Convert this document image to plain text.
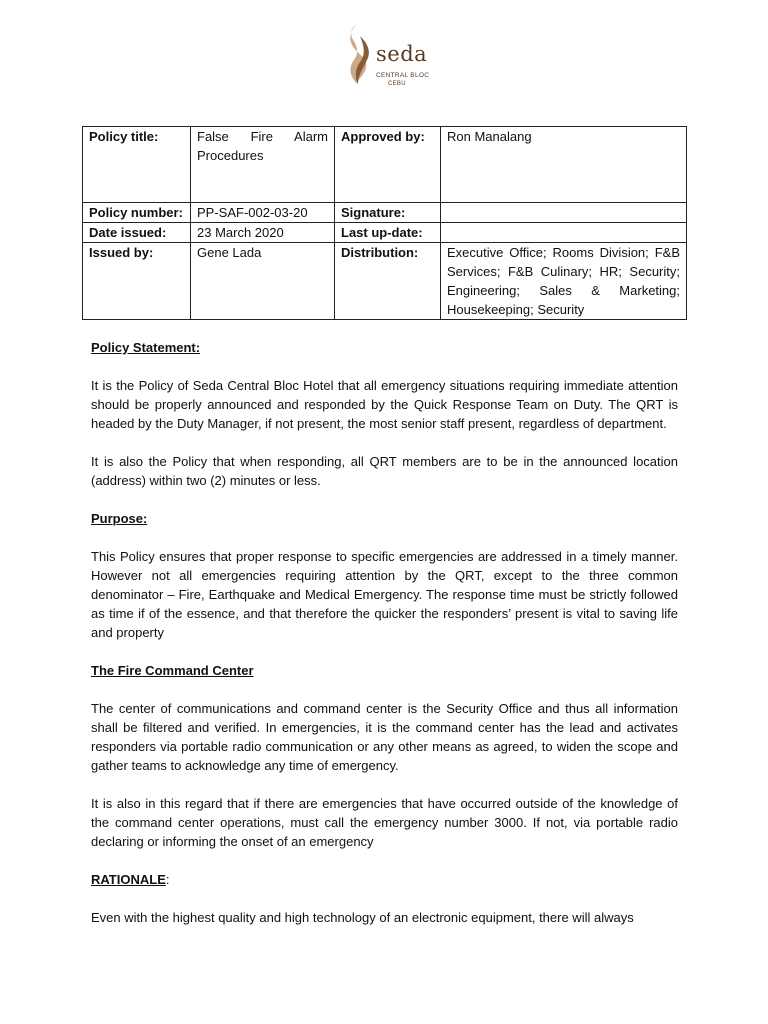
seda
CENTRAL BLOC
CEBU
Policy title:	False Fire Alarm Procedures	Approved by:	Ron Manalang
Policy number:	PP-SAF-002-03-20	Signature:	
Date issued:	23 March 2020	Last up-date:	
Issued by:	Gene Lada	Distribution:	Executive Office; Rooms Division; F&B Services; F&B Culinary; HR; Security; Engineering; Sales & Marketing; Housekeeping; Security
Policy Statement:

It is the Policy of Seda Central Bloc Hotel that all emergency situations requiring immediate attention should be properly announced and responded by the Quick Response Team on Duty. The QRT is headed by the Duty Manager, if not present, the most senior staff present, regardless of department.

It is also the Policy that when responding, all QRT members are to be in the announced location (address) within two (2) minutes or less.

Purpose:

This Policy ensures that proper response to specific emergencies are addressed in a timely manner. However not all emergencies requiring attention by the QRT, except to the three common denominator – Fire, Earthquake and Medical Emergency. The response time must be strictly followed as time if of the essence, and that therefore the quicker the responders’ present is vital to saving life and property

The Fire Command Center

The center of communications and command center is the Security Office and thus all information shall be filtered and verified. In emergencies, it is the command center has the lead and activates responders via portable radio communication or any other means as agreed, to widen the scope and gather teams to acknowledge any time of emergency.

It is also in this regard that if there are emergencies that have occurred outside of the knowledge of the command center operations, must call the emergency number 3000. If not, via portable radio declaring or informing the onset of an emergency

RATIONALE:

Even with the highest quality and high technology of an electronic equipment, there will always
